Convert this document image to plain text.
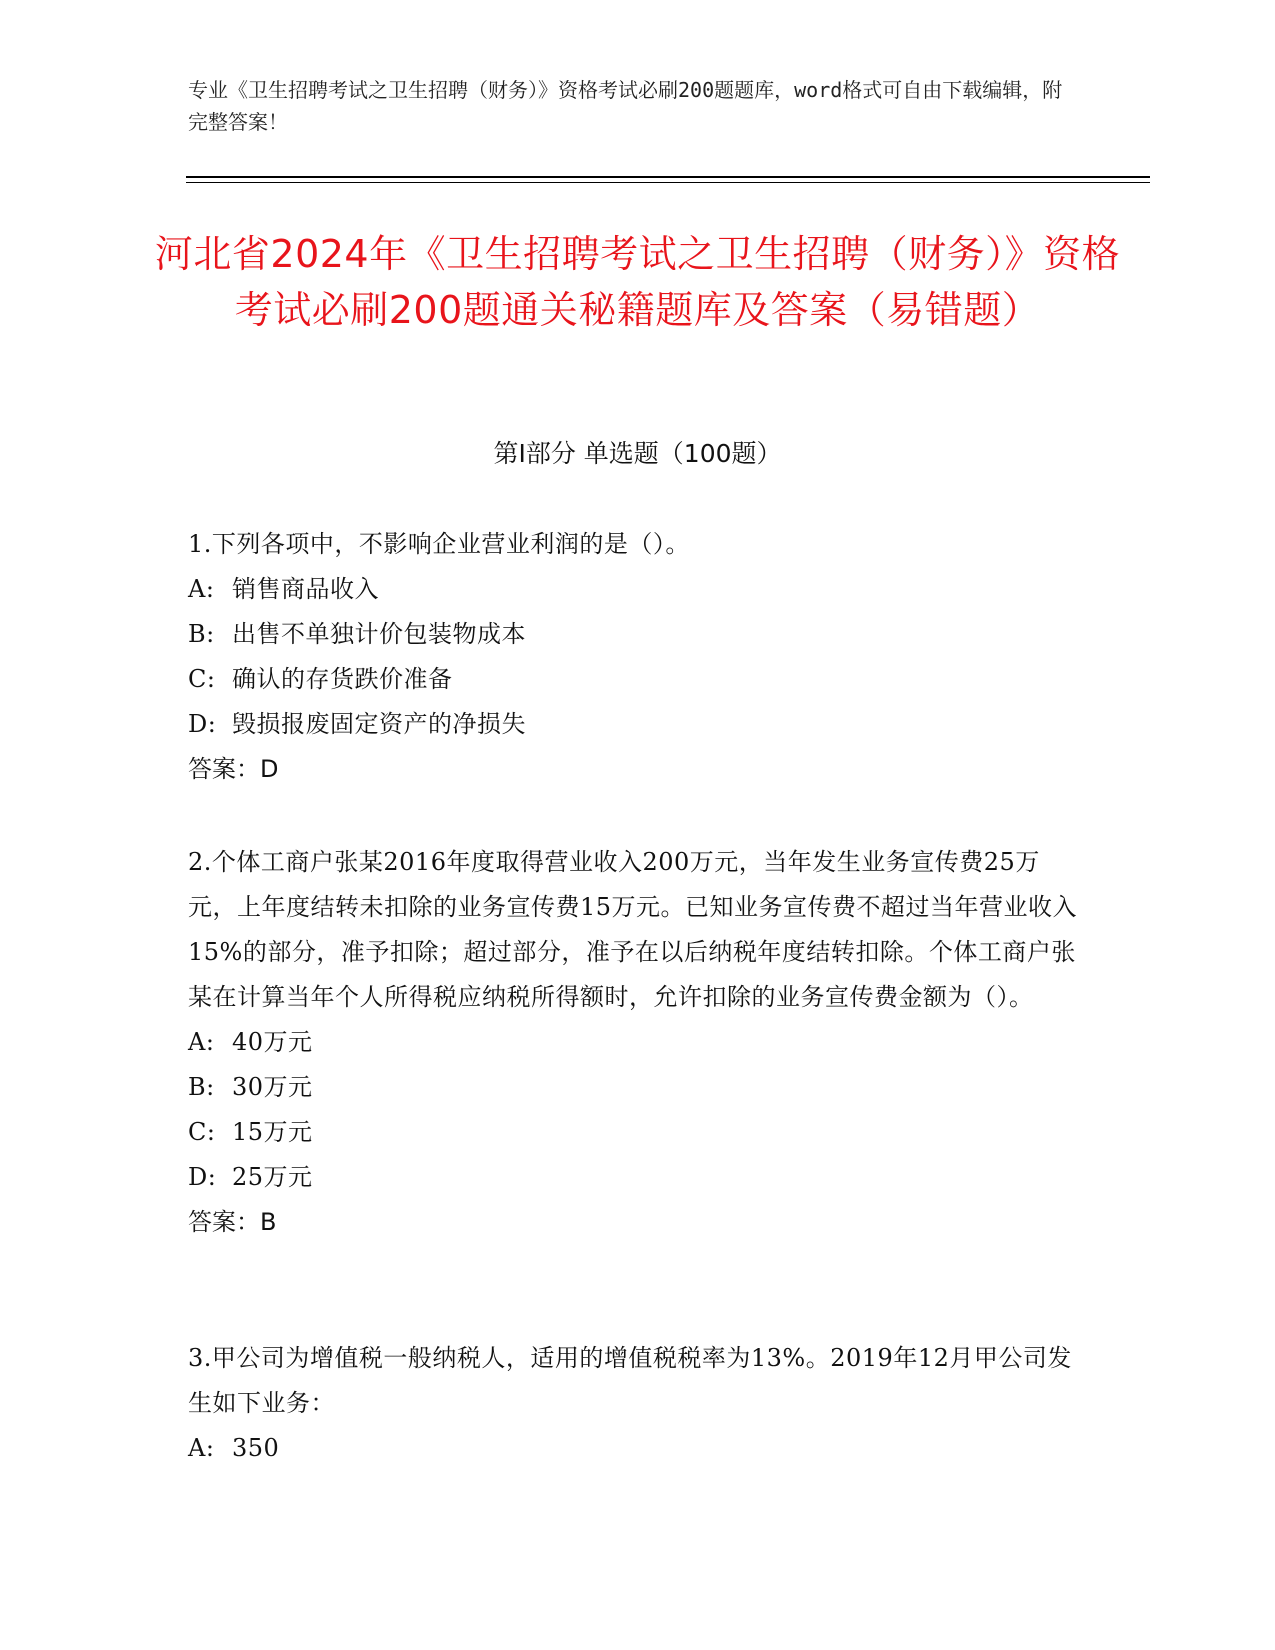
专业《卫生招聘考试之卫生招聘（财务）》资格考试必刷200题题库，word格式可自由下载编辑，附完整答案！
河北省2024年《卫生招聘考试之卫生招聘（财务）》资格考试必刷200题通关秘籍题库及答案（易错题）
第Ⅰ部分 单选题（100题）

1.下列各项中，不影响企业营业利润的是（）。

A: 销售商品收入

B: 出售不单独计价包装物成本

C: 确认的存货跌价准备

D: 毁损报废固定资产的净损失

答案：D

2.个体工商户张某2016年度取得营业收入200万元，当年发生业务宣传费25万元，上年度结转未扣除的业务宣传费15万元。已知业务宣传费不超过当年营业收入15%的部分，准予扣除；超过部分，准予在以后纳税年度结转扣除。个体工商户张某在计算当年个人所得税应纳税所得额时，允许扣除的业务宣传费金额为（）。

A: 40万元

B: 30万元

C: 15万元

D: 25万元

答案：B

3.甲公司为增值税一般纳税人，适用的增值税税率为13%。2019年12月甲公司发生如下业务：

A: 350
